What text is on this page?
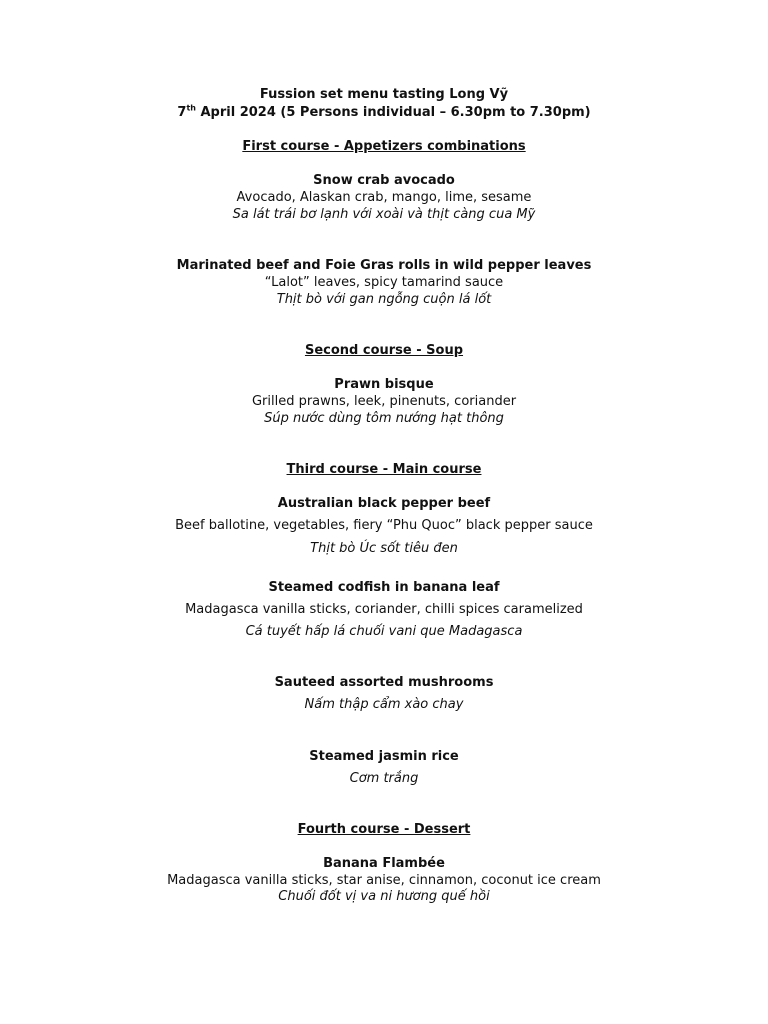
Fussion set menu tasting Long Vỹ
7th April 2024 (5 Persons individual – 6.30pm to 7.30pm)
First course - Appetizers combinations
Snow crab avocado
Avocado, Alaskan crab, mango, lime, sesame
Sa lát trái bơ lạnh với xoài và thịt càng cua Mỹ
Marinated beef and Foie Gras rolls in wild pepper leaves
“Lalot” leaves, spicy tamarind sauce
Thịt bò với gan ngỗng cuộn lá lốt
Second course - Soup
Prawn bisque
Grilled prawns, leek, pinenuts, coriander
Súp nước dùng tôm nướng hạt thông
Third course - Main course
Australian black pepper beef
Beef ballotine, vegetables, fiery “Phu Quoc” black pepper sauce
Thịt bò Úc sốt tiêu đen
Steamed codfish in banana leaf
Madagasca vanilla sticks, coriander, chilli spices caramelized
Cá tuyết hấp lá chuối vani que Madagasca
Sauteed assorted mushrooms
Nấm thập cẩm xào chay
Steamed jasmin rice
Cơm trắng
Fourth course - Dessert
Banana Flambée
Madagasca vanilla sticks, star anise, cinnamon, coconut ice cream
Chuối đốt vị va ni hương quế hồi
